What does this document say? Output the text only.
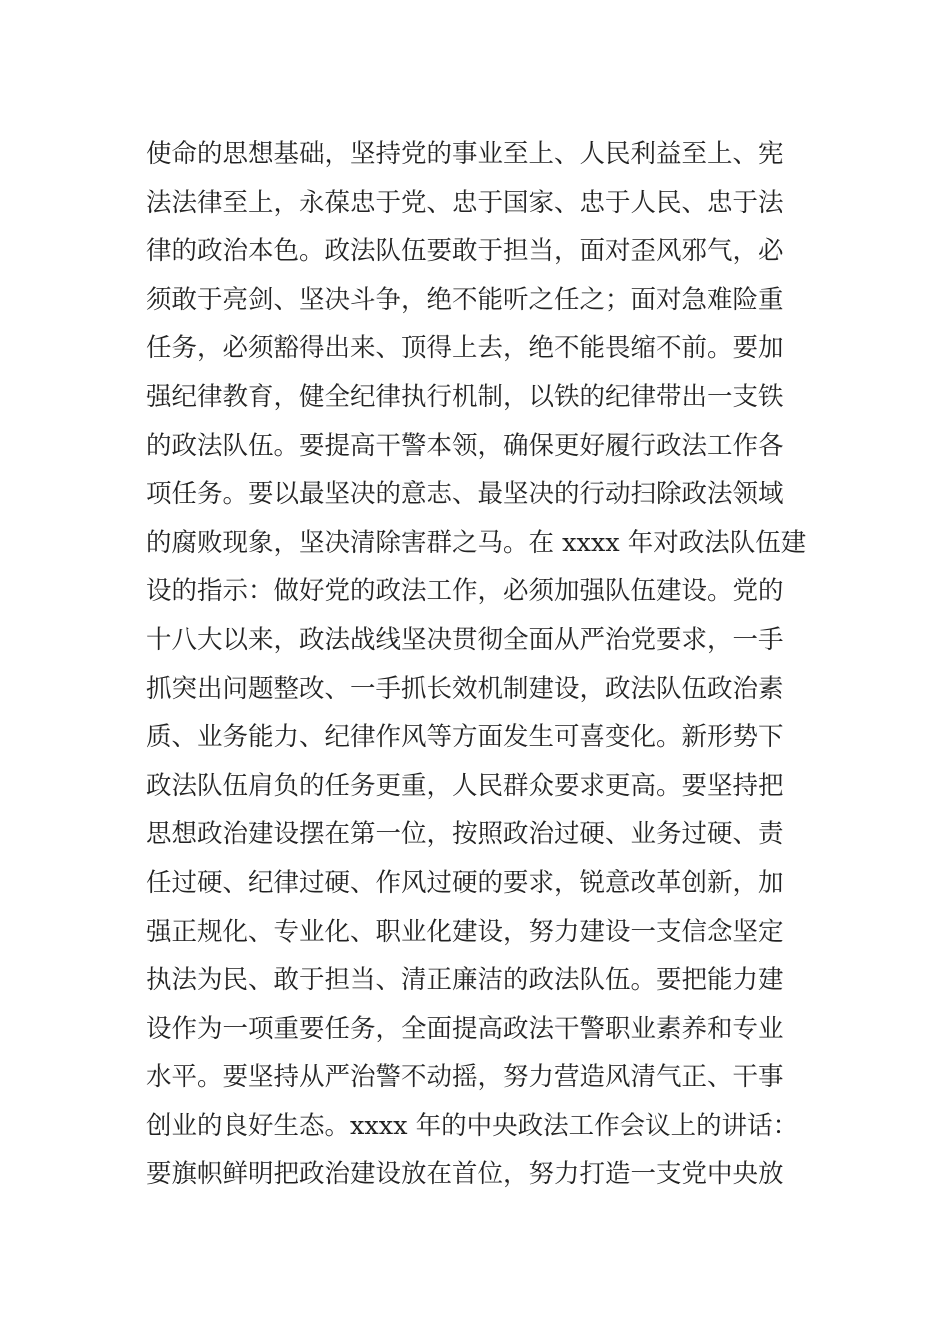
使命的思想基础，坚持党的事业至上、人民利益至上、宪
法法律至上，永葆忠于党、忠于国家、忠于人民、忠于法
律的政治本色。政法队伍要敢于担当，面对歪风邪气，必
须敢于亮剑、坚决斗争，绝不能听之任之；面对急难险重
任务，必须豁得出来、顶得上去，绝不能畏缩不前。要加
强纪律教育，健全纪律执行机制，以铁的纪律带出一支铁
的政法队伍。要提高干警本领，确保更好履行政法工作各
项任务。要以最坚决的意志、最坚决的行动扫除政法领域
的腐败现象，坚决清除害群之马。在 xxxx 年对政法队伍建
设的指示：做好党的政法工作，必须加强队伍建设。党的
十八大以来，政法战线坚决贯彻全面从严治党要求，一手
抓突出问题整改、一手抓长效机制建设，政法队伍政治素
质、业务能力、纪律作风等方面发生可喜变化。新形势下
政法队伍肩负的任务更重，人民群众要求更高。要坚持把
思想政治建设摆在第一位，按照政治过硬、业务过硬、责
任过硬、纪律过硬、作风过硬的要求，锐意改革创新，加
强正规化、专业化、职业化建设，努力建设一支信念坚定
执法为民、敢于担当、清正廉洁的政法队伍。要把能力建
设作为一项重要任务，全面提高政法干警职业素养和专业
水平。要坚持从严治警不动摇，努力营造风清气正、干事
创业的良好生态。xxxx 年的中央政法工作会议上的讲话：
要旗帜鲜明把政治建设放在首位，努力打造一支党中央放
